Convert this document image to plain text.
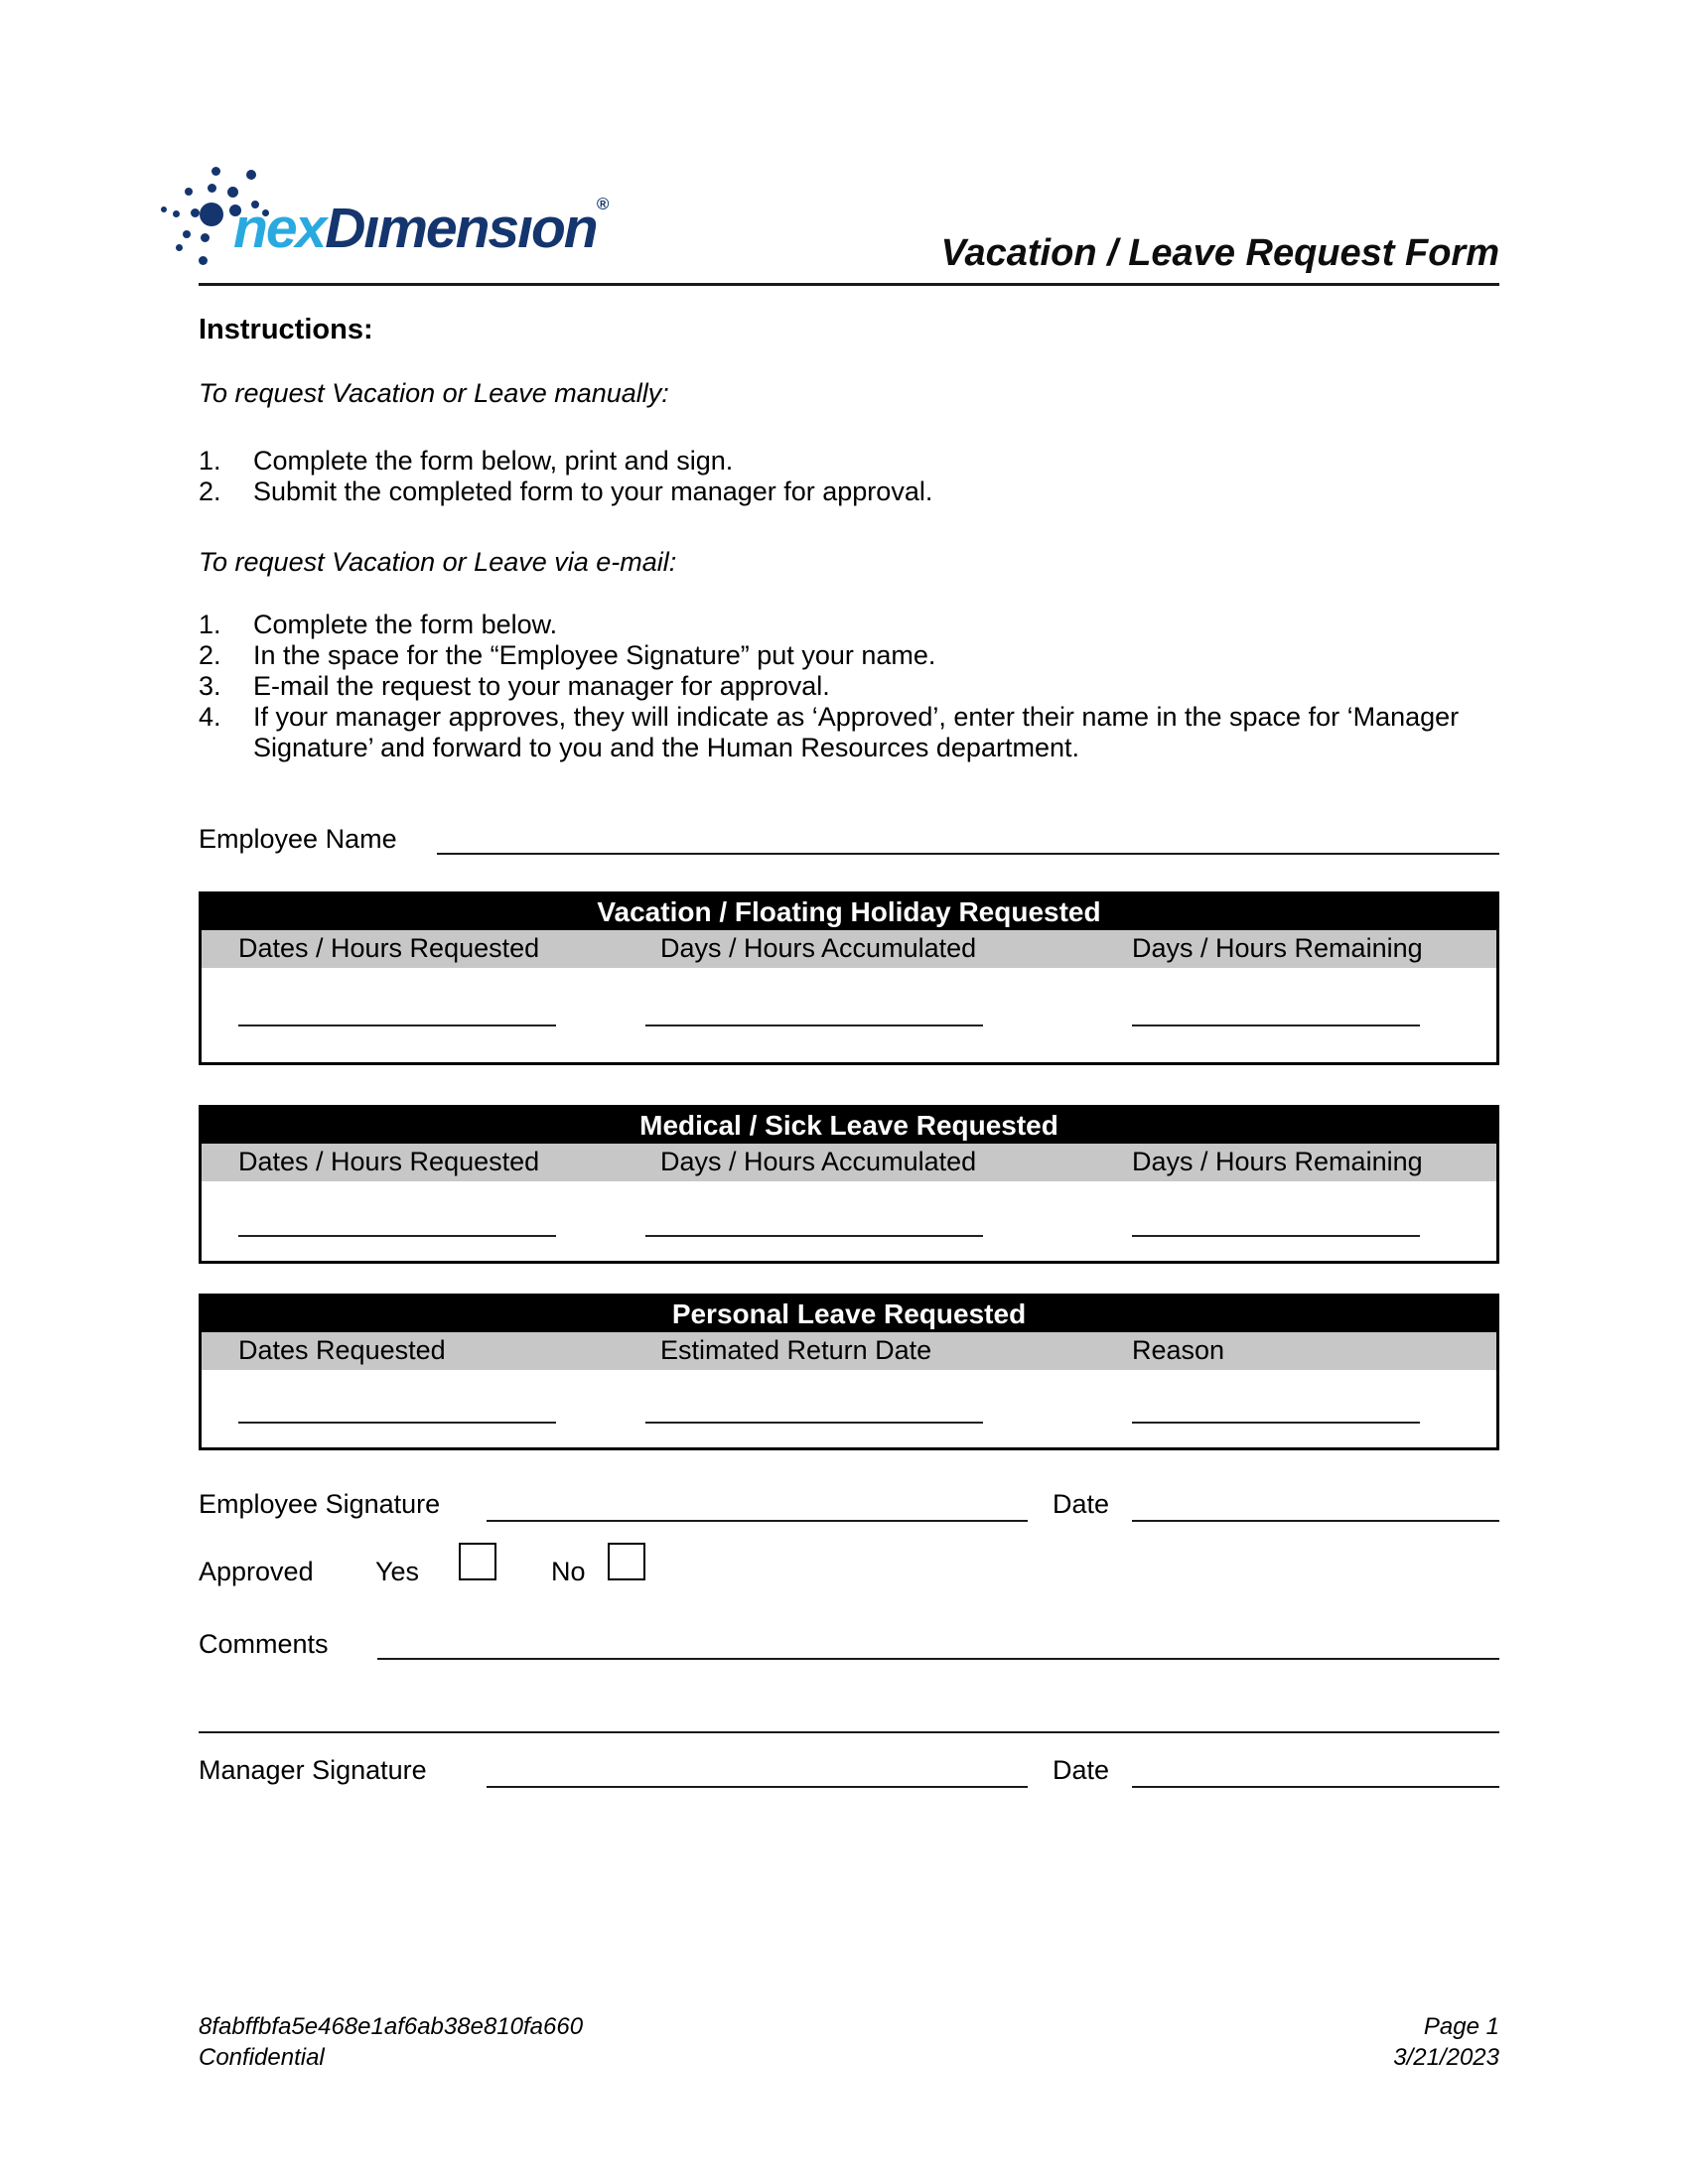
nexDımensıon®
Vacation / Leave Request Form
Instructions:
To request Vacation or Leave manually:
1.	Complete the form below, print and sign.
2.	Submit the completed form to your manager for approval.
To request Vacation or Leave via e-mail:
1.	Complete the form below.
2.	In the space for the “Employee Signature” put your name.
3.	E-mail the request to your manager for approval.
4.	If your manager approves, they will indicate as ‘Approved’, enter their name in the space for ‘Manager Signature’ and forward to you and the Human Resources department.
Employee Name
Vacation / Floating Holiday Requested
Dates / Hours Requested	Days / Hours Accumulated	Days / Hours Remaining
Medical / Sick Leave Requested
Dates / Hours Requested	Days / Hours Accumulated	Days / Hours Remaining
Personal Leave Requested
Dates Requested	Estimated Return Date	Reason
Employee Signature	Date
Approved Yes	No
Comments
Manager Signature	Date
8fabffbfa5e468e1af6ab38e810fa660
Confidential
Page 1
3/21/2023
